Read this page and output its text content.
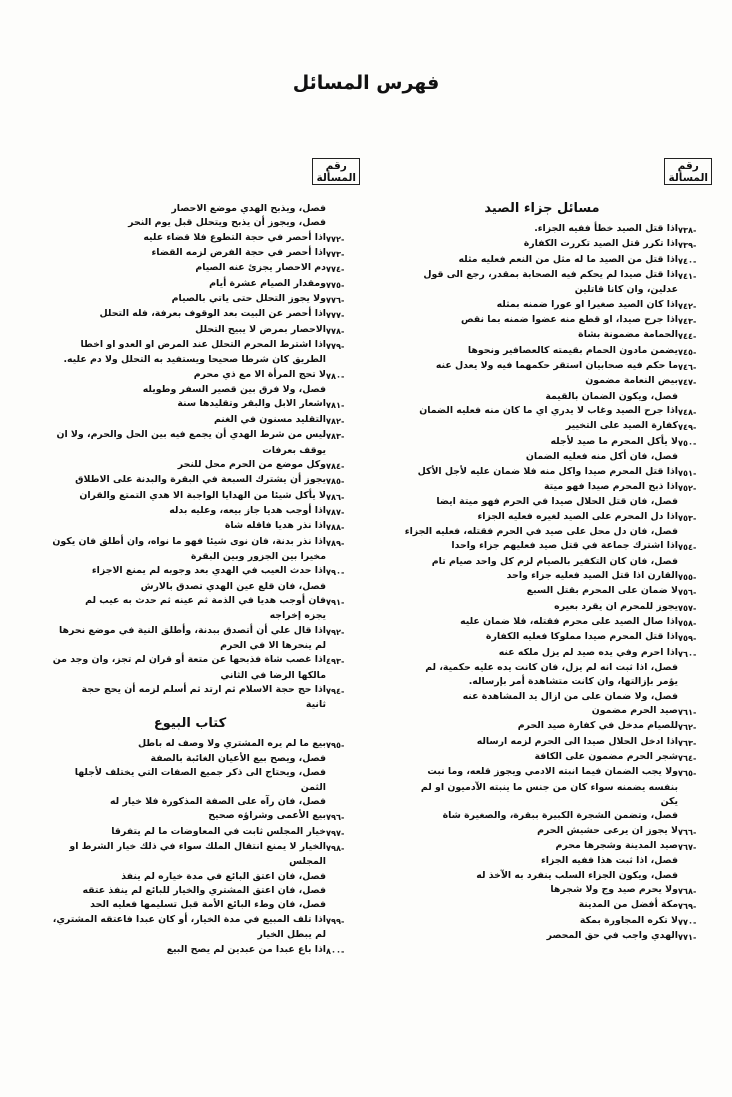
فهرس المسائل
رقم
المسألة
مسائل جزاء الصيد
٧٣٨-
اذا قتل الصيد خطأ ففيه الجزاء.
٧٣٩-
اذا تكرر قتل الصيد تكررت الكفارة
٧٤٠-
اذا قتل من الصيد ما له مثل من النعم فعليه مثله
٧٤١-
اذا قتل صيدا لم يحكم فيه الصحابة بمقدر، رجع الى قول
عدلين، وان كانا قاتلين
٧٤٢-
اذا كان الصيد صغيرا او عورا ضمنه بمثله
٧٤٣-
اذا جرح صيدا، او قطع منه عضوا ضمنه بما نقص
٧٤٤-
الحمامة مضمونة بشاة
٧٤٥-
يضمن مادون الحمام بقيمته كالعصافير ونحوها
٧٤٦-
ما حكم فيه صحابيان استقر حكمهما فيه ولا يعدل عنه
٧٤٧-
بيض النعامة مضمون
فصل، ويكون الضمان بالقيمة
٧٤٨-
اذا جرح الصيد وغاب لا يدري اي ما كان منه فعليه الضمان
٧٤٩-
كفارة الصيد على التخيير
٧٥٠-
لا يأكل المحرم ما صيد لأجله
فصل، فان أكل منه فعليه الضمان
٧٥١-
اذا قتل المحرم صيدا واكل منه فلا ضمان عليه لأجل الأكل
٧٥٢-
اذا ذبح المحرم صيدا فهو ميتة
فصل، فان قتل الحلال صيدا في الحرم فهو ميتة ايضا
٧٥٣-
اذا دل المحرم على الصيد لغيره فعليه الجزاء
فصل، فان دل محل على صيد في الحرم فقتله، فعليه الجزاء
٧٥٤-
اذا اشترك جماعة في قتل صيد فعليهم جزاء واحدا
فصل، فان كان التكفير بالصيام لزم كل واحد صيام تام
٧٥٥-
القارن اذا قتل الصيد فعليه جزاء واحد
٧٥٦-
لا ضمان على المحرم بقتل السبع
٧٥٧-
يجوز للمحرم ان يقرد بعيره
٧٥٨-
اذا صال الصيد على محرم فقتله، فلا ضمان عليه
٧٥٩-
اذا قتل المحرم صيدا مملوكا فعليه الكفارة
٧٦٠-
اذا احرم وفي يده صيد لم يزل ملكه عنه
فصل، اذا ثبت انه لم يزل، فان كانت يده عليه حكمية، لم
يؤمر بإزالتها، وان كانت متشاهدة أمر بإرساله.
فصل، ولا ضمان على من ازال يد المشاهدة عنه
٧٦١-
صيد الحرم مضمون
٧٦٢-
للصيام مدخل في كفارة صيد الحرم
٧٦٣-
اذا ادخل الحلال صيدا الى الحرم لزمه ارساله
٧٦٤-
شجر الحرم مضمون على الكافة
٧٦٥-
ولا يجب الضمان فيما انبته الادمي ويجوز قلعه، وما نبت
بنفسه يضمنه سواء كان من جنس ما ينبته الآدميون او لم
يكن
فصل، وتضمن الشجرة الكبيرة ببقرة، والصغيرة شاة
٧٦٦-
لا يجوز ان يرعى حشيش الحرم
٧٦٧-
صيد المدينة وشجرها محرم
فصل، اذا ثبت هذا ففيه الجزاء
فصل، ويكون الجزاء السلب ينفرد به الآخذ له
٧٦٨-
ولا يحرم صيد وج ولا شجرها
٧٦٩-
مكة أفضل من المدينة
٧٧٠-
لا تكره المجاورة بمكة
٧٧١-
الهدي واجب في حق المحصر
رقم
المسألة
فصل، ويذبح الهدي موضع الاحصار
فصل، ويجوز أن يذبح ويتحلل قبل يوم النحر
٧٧٢-
اذا أحصر في حجة التطوع فلا قضاء عليه
٧٧٣-
اذا أحصر في حجة الفرض لزمه القضاء
٧٧٤-
دم الاحصار يجزئ عنه الصيام
٧٧٥-
ومقدار الصيام عشرة أيام
٧٧٦-
ولا يجوز التحلل حتى ياتي بالصيام
٧٧٧-
اذا أحصر عن البيت بعد الوقوف بعرفة، فله التحلل
٧٧٨-
الاحصار بمرض لا يبيح التحلل
٧٧٩-
اذا اشترط المحرم التحلل عند المرض او العدو او اخطا
الطريق كان شرطا صحيحا ويستفيد به التحلل ولا دم عليه.
٧٨٠-
لا تحج المرأة الا مع ذي محرم
فصل، ولا فرق بين قصير السفر وطويله
٧٨١-
اشعار الابل والبقر وتقليدها سنة
٧٨٢-
التقليد مسنون في الغنم
٧٨٣-
ليس من شرط الهدي أن يجمع فيه بين الحل والحرم، ولا ان
يوقف بعرفات
٧٨٤-
وكل موضع من الحرم محل للنحر
٧٨٥-
يجوز أن يشترك السبعة في البقرة والبدنة على الاطلاق
٧٨٦-
لا يأكل شيئا من الهدايا الواجبة الا هدي التمتع والقران
٧٨٧-
اذا أوجب هديا جاز بيعه، وعليه بدله
٧٨٨-
اذا نذر هديا فاقله شاة
٧٨٩-
اذا نذر بدنة، فان نوى شيئا فهو ما نواه، وان أطلق فان يكون
مخيرا بين الجزور وبين البقرة
٧٩٠-
اذا حدث العيب في الهدي بعد وجوبه لم يمنع الاجزاء
فصل، فان قلع عين الهدي تصدق بالارش
٧٩١-
فان أوجب هديا في الذمة ثم عينه ثم حدث به عيب لم
يجزه إخراجه
٧٩٢-
اذا قال علي أن أتصدق ببدنة، وأطلق النية في موضع نحرها
لم ينحرها الا في الحرم
٤٩٣-
اذا غصب شاة فذبحها عن متعة أو قران لم تجز، وان وجد من
مالكها الرضا في الثاني
٧٩٤-
اذا حج حجة الاسلام ثم ارتد ثم أسلم لزمه أن يحج حجة
ثانية
كتاب البيوع
٧٩٥-
بيع ما لم يره المشتري ولا وصف له باطل
فصل، ويصح بيع الأعيان الغائبة بالصفة
فصل، ويحتاج الى ذكر جميع الصفات التي يختلف لأجلها
الثمن
فصل، فان رآه على الصفة المذكورة فلا خيار له
٧٩٦-
بيع الأعمى وشراؤه صحيح
٧٩٧-
خيار المجلس ثابت في المعاوضات ما لم يتفرقا
٧٩٨-
الخيار لا يمنع انتقال الملك سواء في ذلك خيار الشرط او
المجلس
فصل، فان اعتق البائع في مدة خياره لم ينفذ
فصل، فان اعتق المشتري والخيار للبائع لم ينفذ عتقه
فصل، فان وطء البائع الأمة قبل تسليمها فعليه الحد
٧٩٩-
اذا تلف المبيع في مدة الخيار، أو كان عبدا فاعتقه المشتري،
لم يبطل الخيار
٨٠٠-
اذا باع عبدا من عبدين لم يصح البيع
